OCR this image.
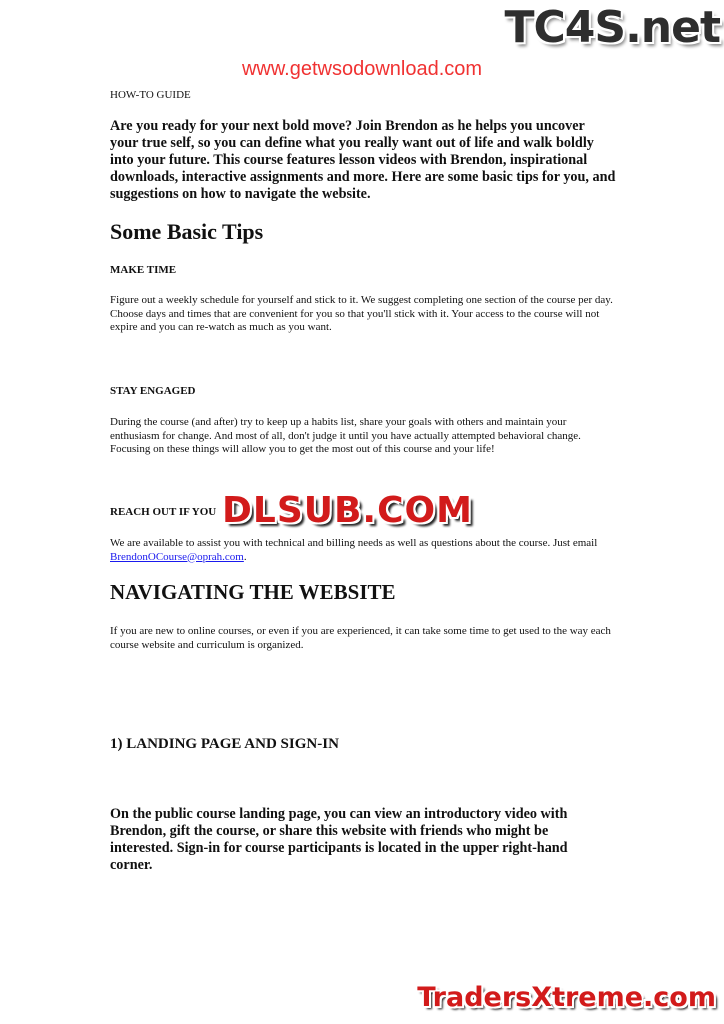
TC4S.net
www.getwsodownload.com
HOW-TO GUIDE
Are you ready for your next bold move? Join Brendon as he helps you uncover your true self, so you can define what you really want out of life and walk boldly into your future. This course features lesson videos with Brendon, inspirational downloads, interactive assignments and more. Here are some basic tips for you, and suggestions on how to navigate the website.
Some Basic Tips
MAKE TIME
Figure out a weekly schedule for yourself and stick to it. We suggest completing one section of the course per day. Choose days and times that are convenient for you so that you'll stick with it. Your access to the course will not expire and you can re-watch as much as you want.
STAY ENGAGED
During the course (and after) try to keep up a habits list, share your goals with others and maintain your enthusiasm for change. And most of all, don't judge it until you have actually attempted behavioral change. Focusing on these things will allow you to get the most out of this course and your life!
REACH OUT IF YOU
We are available to assist you with technical and billing needs as well as questions about the course. Just email BrendonOCourse@oprah.com.
DLSUB.COM
NAVIGATING THE WEBSITE
If you are new to online courses, or even if you are experienced, it can take some time to get used to the way each course website and curriculum is organized.
1) LANDING PAGE AND SIGN-IN
On the public course landing page, you can view an introductory video with Brendon, gift the course, or share this website with friends who might be interested. Sign-in for course participants is located in the upper right-hand corner.
TradersXtreme.com
